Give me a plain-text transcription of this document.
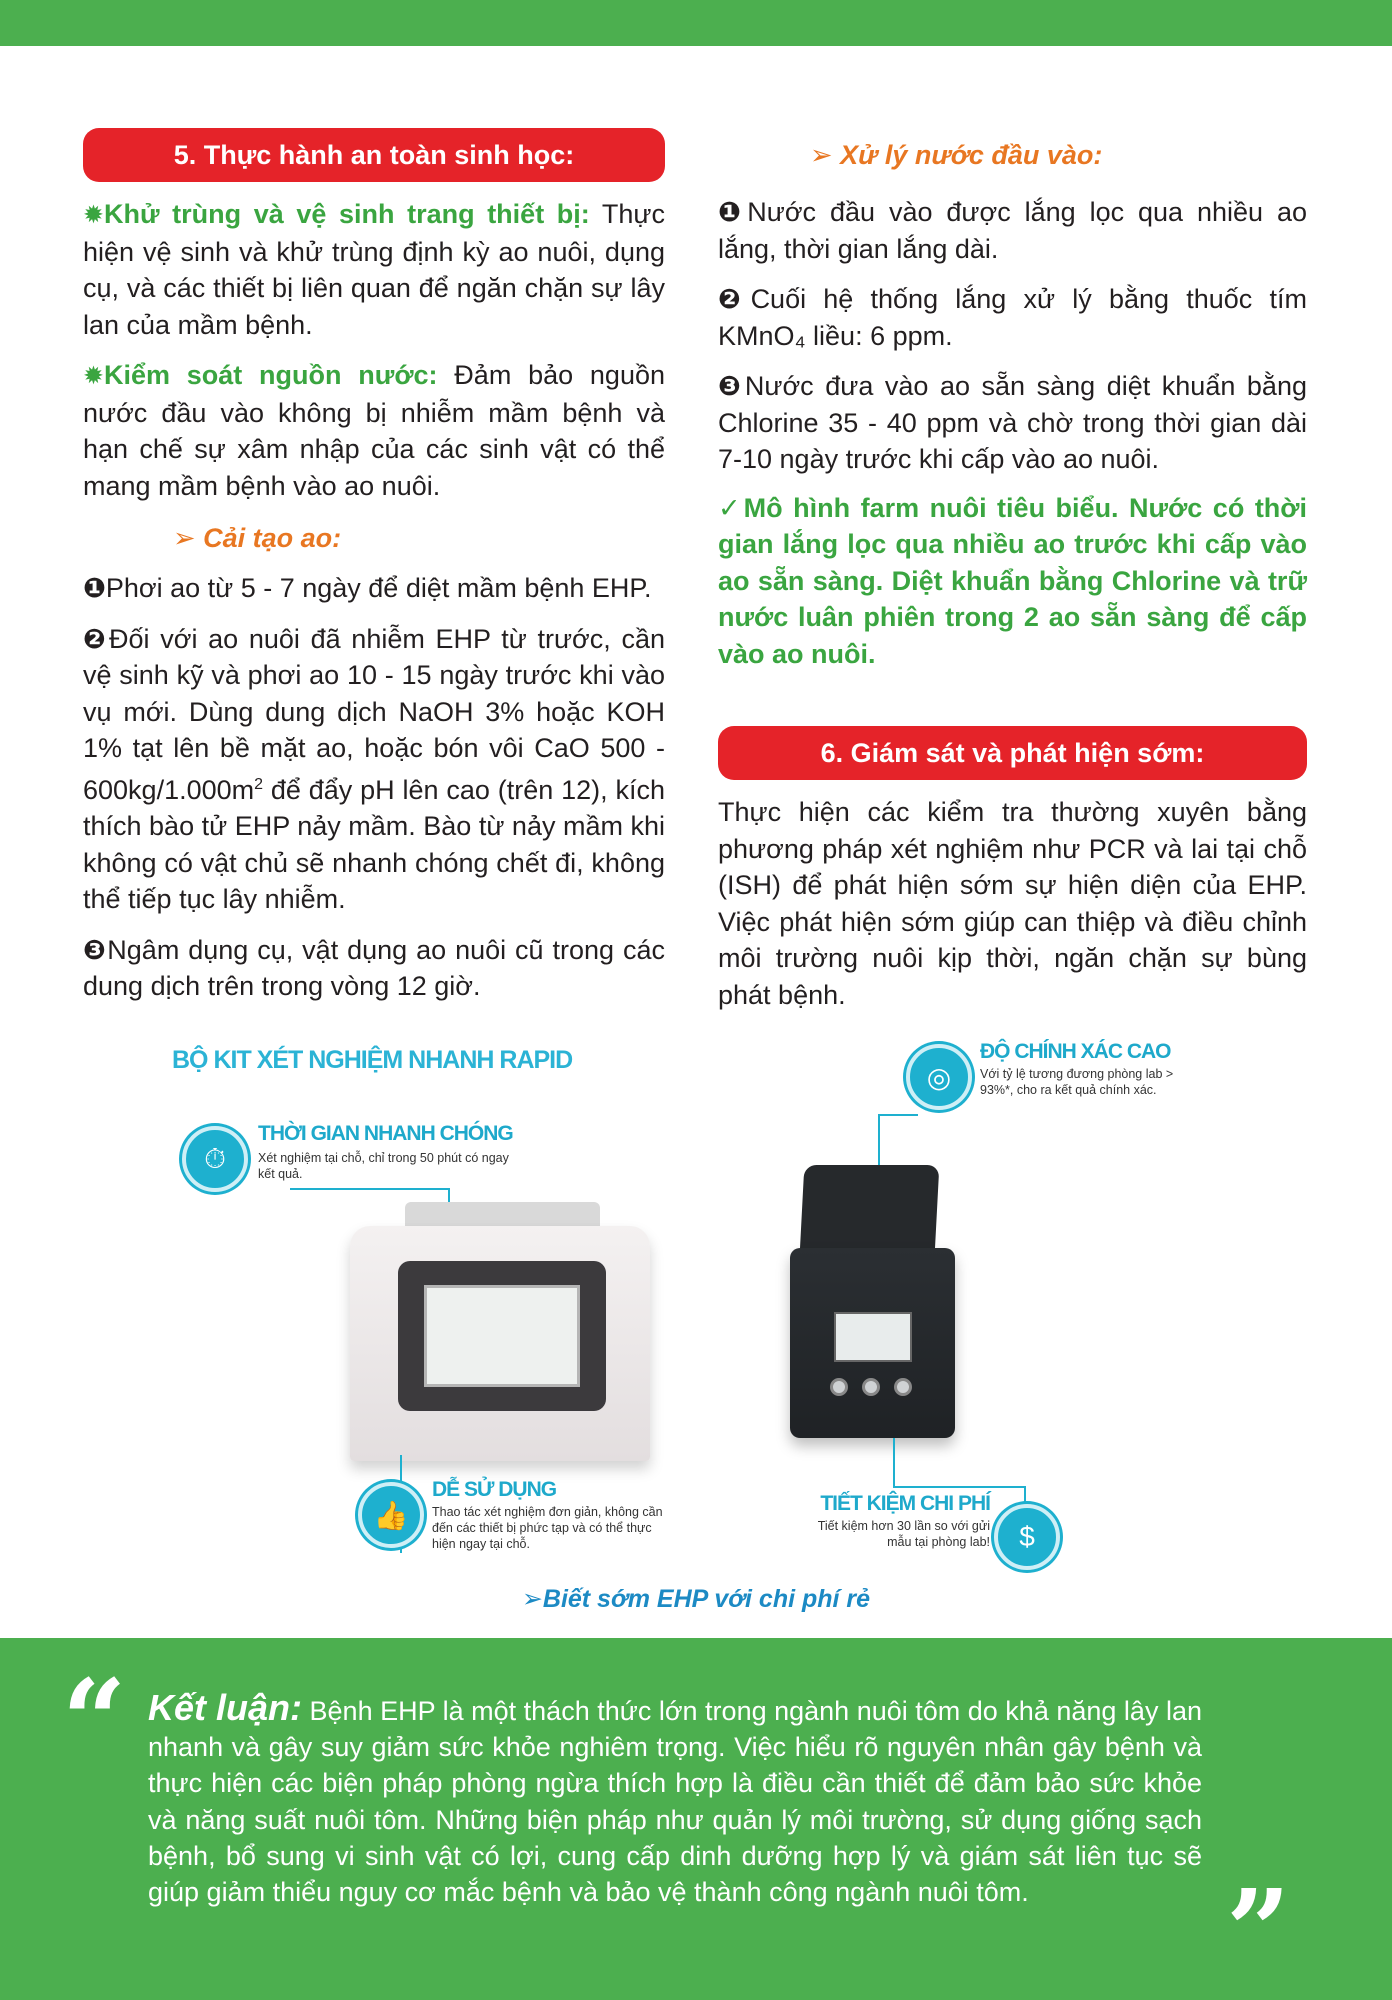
5. Thực hành an toàn sinh học:

✹Khử trùng và vệ sinh trang thiết bị: Thực hiện vệ sinh và khử trùng định kỳ ao nuôi, dụng cụ, và các thiết bị liên quan để ngăn chặn sự lây lan của mầm bệnh.

✹Kiểm soát nguồn nước: Đảm bảo nguồn nước đầu vào không bị nhiễm mầm bệnh và hạn chế sự xâm nhập của các sinh vật có thể mang mầm bệnh vào ao nuôi.

➢ Cải tạo ao:

❶Phơi ao từ 5 - 7 ngày để diệt mầm bệnh EHP.

❷Đối với ao nuôi đã nhiễm EHP từ trước, cần vệ sinh kỹ và phơi ao 10 - 15 ngày trước khi vào vụ mới. Dùng dung dịch NaOH 3% hoặc KOH 1% tạt lên bề mặt ao, hoặc bón vôi CaO $500 - 600kg/1.000m^2$ để đẩy pH lên cao (trên 12), kích thích bào tử EHP nảy mầm. Bào từ nảy mầm khi không có vật chủ sẽ nhanh chóng chết đi, không thể tiếp tục lây nhiễm.

❸Ngâm dụng cụ, vật dụng ao nuôi cũ trong các dung dịch trên trong vòng 12 giờ.

➢ Xử lý nước đầu vào:

❶Nước đầu vào được lắng lọc qua nhiều ao lắng, thời gian lắng dài.

❷Cuối hệ thống lắng xử lý bằng thuốc tím KMnO₄ liều: 6 ppm.

❸Nước đưa vào ao sẵn sàng diệt khuẩn bằng Chlorine 35 - 40 ppm và chờ trong thời gian dài 7-10 ngày trước khi cấp vào ao nuôi.

✓Mô hình farm nuôi tiêu biểu. Nước có thời gian lắng lọc qua nhiều ao trước khi cấp vào ao sẵn sàng. Diệt khuẩn bằng Chlorine và trữ nước luân phiên trong 2 ao sẵn sàng để cấp vào ao nuôi.

6. Giám sát và phát hiện sớm:

Thực hiện các kiểm tra thường xuyên bằng phương pháp xét nghiệm như PCR và lai tại chỗ (ISH) để phát hiện sớm sự hiện diện của EHP. Việc phát hiện sớm giúp can thiệp và điều chỉnh môi trường nuôi kịp thời, ngăn chặn sự bùng phát bệnh.

BỘ KIT XÉT NGHIỆM NHANH RAPID
⏱
THỜI GIAN NHANH CHÓNG
Xét nghiệm tại chỗ, chỉ trong 50 phút có ngay kết quả.
◎
ĐỘ CHÍNH XÁC CAO
Với tỷ lệ tương đương phòng lab > 93%*, cho ra kết quả chính xác.
👍
DỄ SỬ DỤNG
Thao tác xét nghiệm đơn giản, không cần đến các thiết bị phức tạp và có thể thực hiện ngay tại chỗ.	$
TIẾT KIỆM CHI PHÍ
Tiết kiệm hơn 30 lần so với gửi mẫu tại phòng lab!
➢Biết sớm EHP với chi phí rẻ
“ Kết luận: Bệnh EHP là một thách thức lớn trong ngành nuôi tôm do khả năng lây lan nhanh và gây suy giảm sức khỏe nghiêm trọng. Việc hiểu rõ nguyên nhân gây bệnh và thực hiện các biện pháp phòng ngừa thích hợp là điều cần thiết để đảm bảo sức khỏe và năng suất nuôi tôm. Những biện pháp như quản lý môi trường, sử dụng giống sạch bệnh, bổ sung vi sinh vật có lợi, cung cấp dinh dưỡng hợp lý và giám sát liên tục sẽ giúp giảm thiểu nguy cơ mắc bệnh và bảo vệ thành công ngành nuôi tôm.	”
